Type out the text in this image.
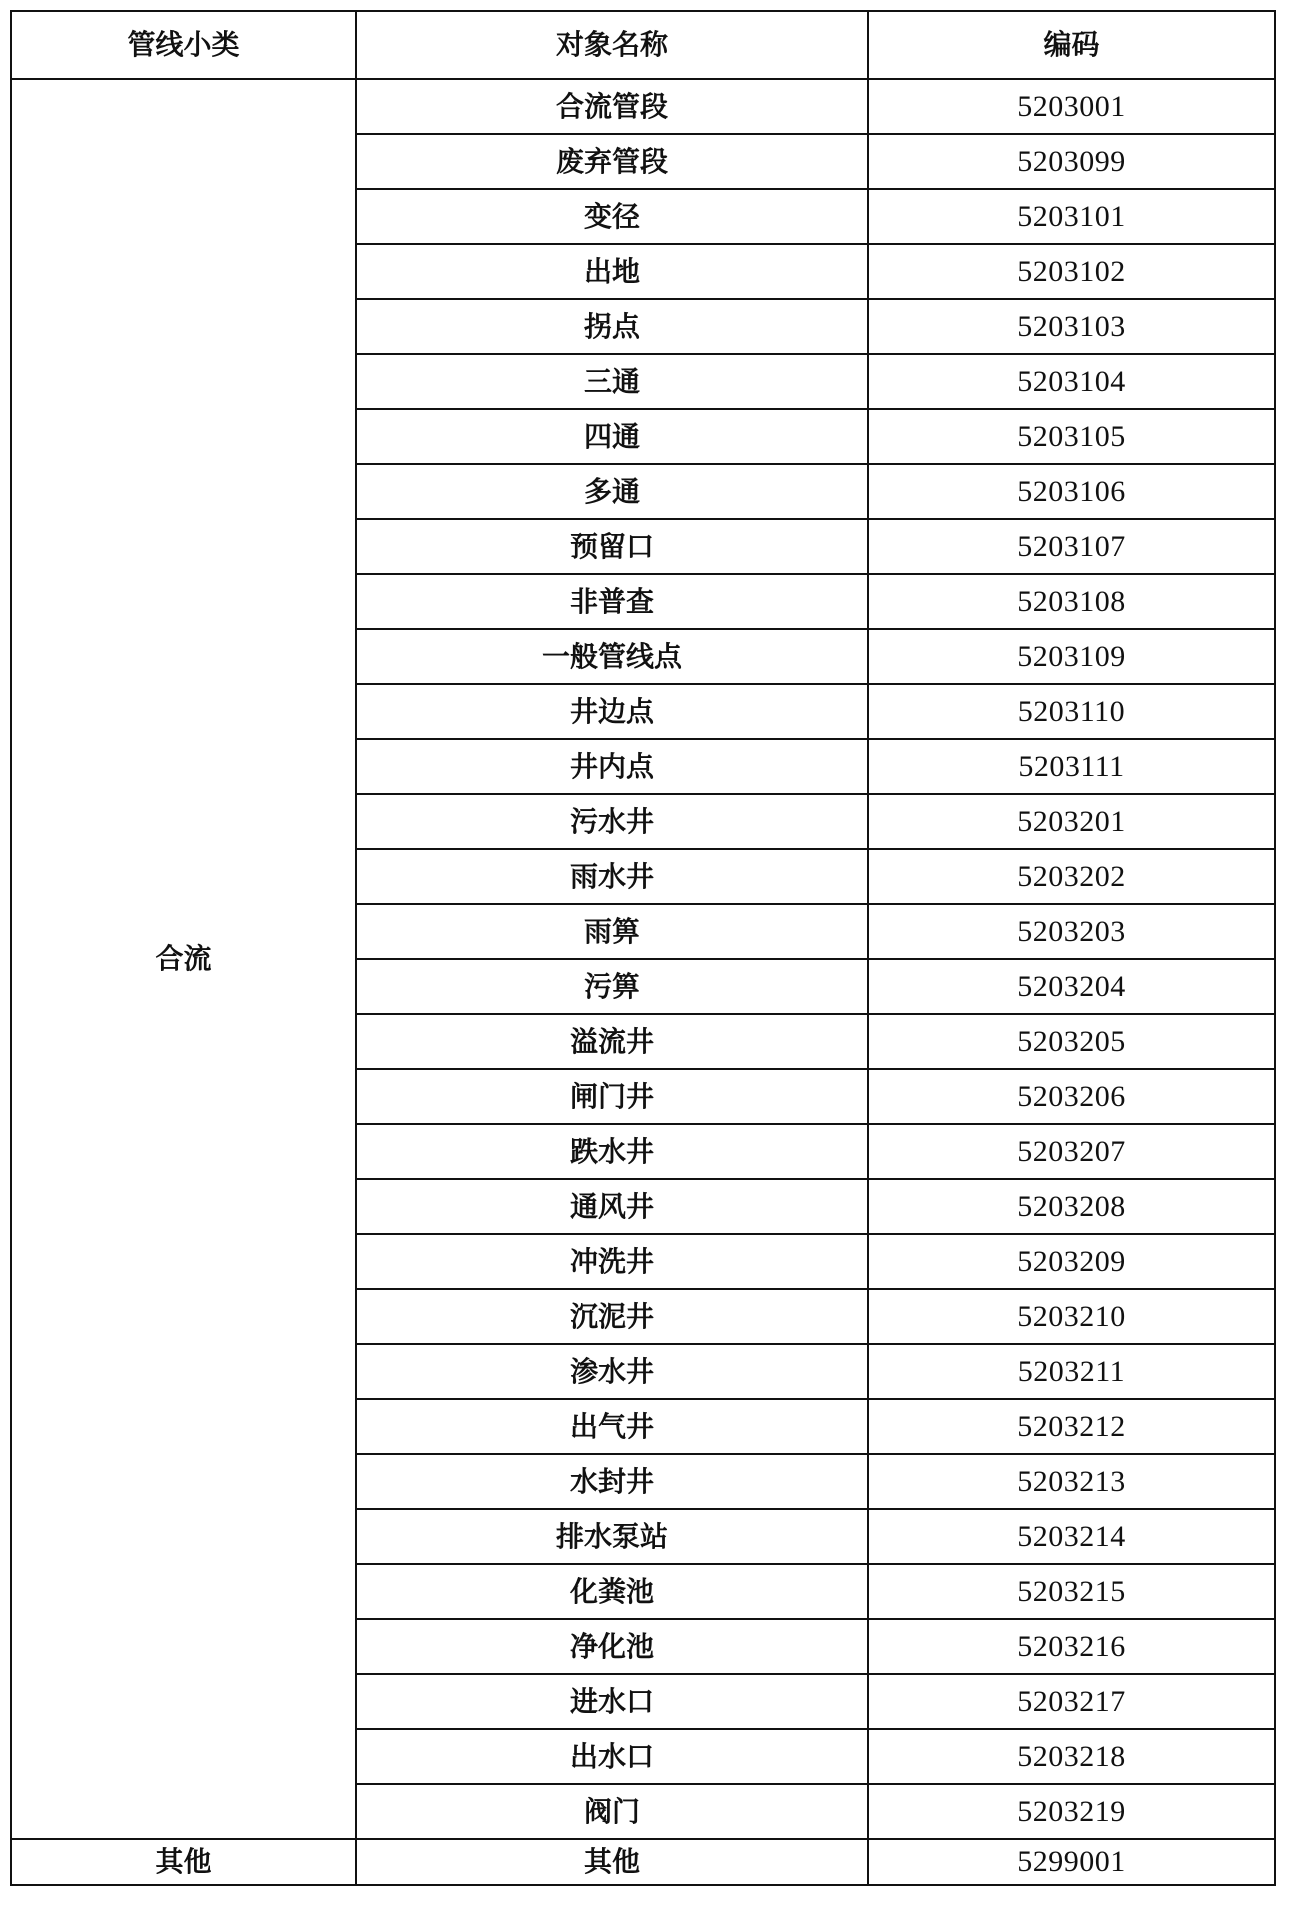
管线小类	对象名称	编码
合流	合流管段	5203001
	废弃管段	5203099
	变径	5203101
	出地	5203102
	拐点	5203103
	三通	5203104
	四通	5203105
	多通	5203106
	预留口	5203107
	非普查	5203108
	一般管线点	5203109
	井边点	5203110
	井内点	5203111
	污水井	5203201
	雨水井	5203202
	雨箅	5203203
	污箅	5203204
	溢流井	5203205
	闸门井	5203206
	跌水井	5203207
	通风井	5203208
	冲洗井	5203209
	沉泥井	5203210
	渗水井	5203211
	出气井	5203212
	水封井	5203213
	排水泵站	5203214
	化粪池	5203215
	净化池	5203216
	进水口	5203217
	出水口	5203218
	阀门	5203219
其他	其他	5299001
